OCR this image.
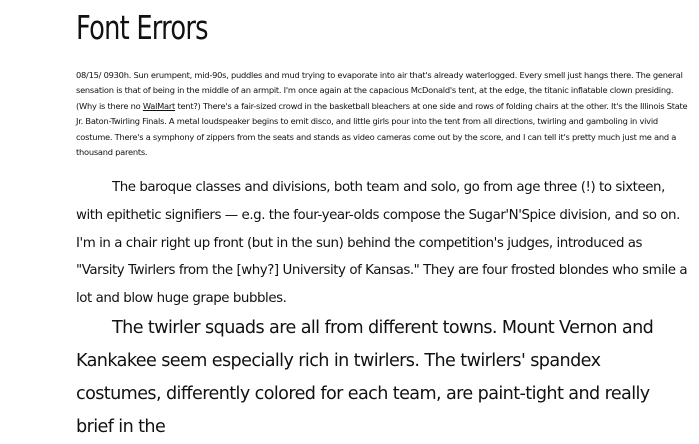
Font Errors

08/15/ 0930h. Sun erumpent, mid-90s, puddles and mud trying to evaporate into air that's already waterlogged. Every smell just hangs there. The general sensation is that of being in the middle of an armpit. I'm once again at the capacious McDonald's tent, at the edge, the titanic inflatable clown presiding. (Why is there no WalMart tent?) There's a fair-sized crowd in the basketball bleachers at one side and rows of folding chairs at the other. It's the Illinois State Jr. Baton-Twirling Finals. A metal loudspeaker begins to emit disco, and little girls pour into the tent from all directions, twirling and gamboling in vivid costume. There's a symphony of zippers from the seats and stands as video cameras come out by the score, and I can tell it's pretty much just me and a thousand parents.

The baroque classes and divisions, both team and solo, go from age three (!) to sixteen, with epithetic signifiers — e.g. the four-year-olds compose the Sugar'N'Spice division, and so on. I'm in a chair right up front (but in the sun) behind the competition's judges, introduced as "Varsity Twirlers from the [why?] University of Kansas." They are four frosted blondes who smile a lot and blow huge grape bubbles.

The twirler squads are all from different towns. Mount Vernon and Kankakee seem especially rich in twirlers. The twirlers' spandex costumes, differently colored for each team, are paint-tight and really brief in the
